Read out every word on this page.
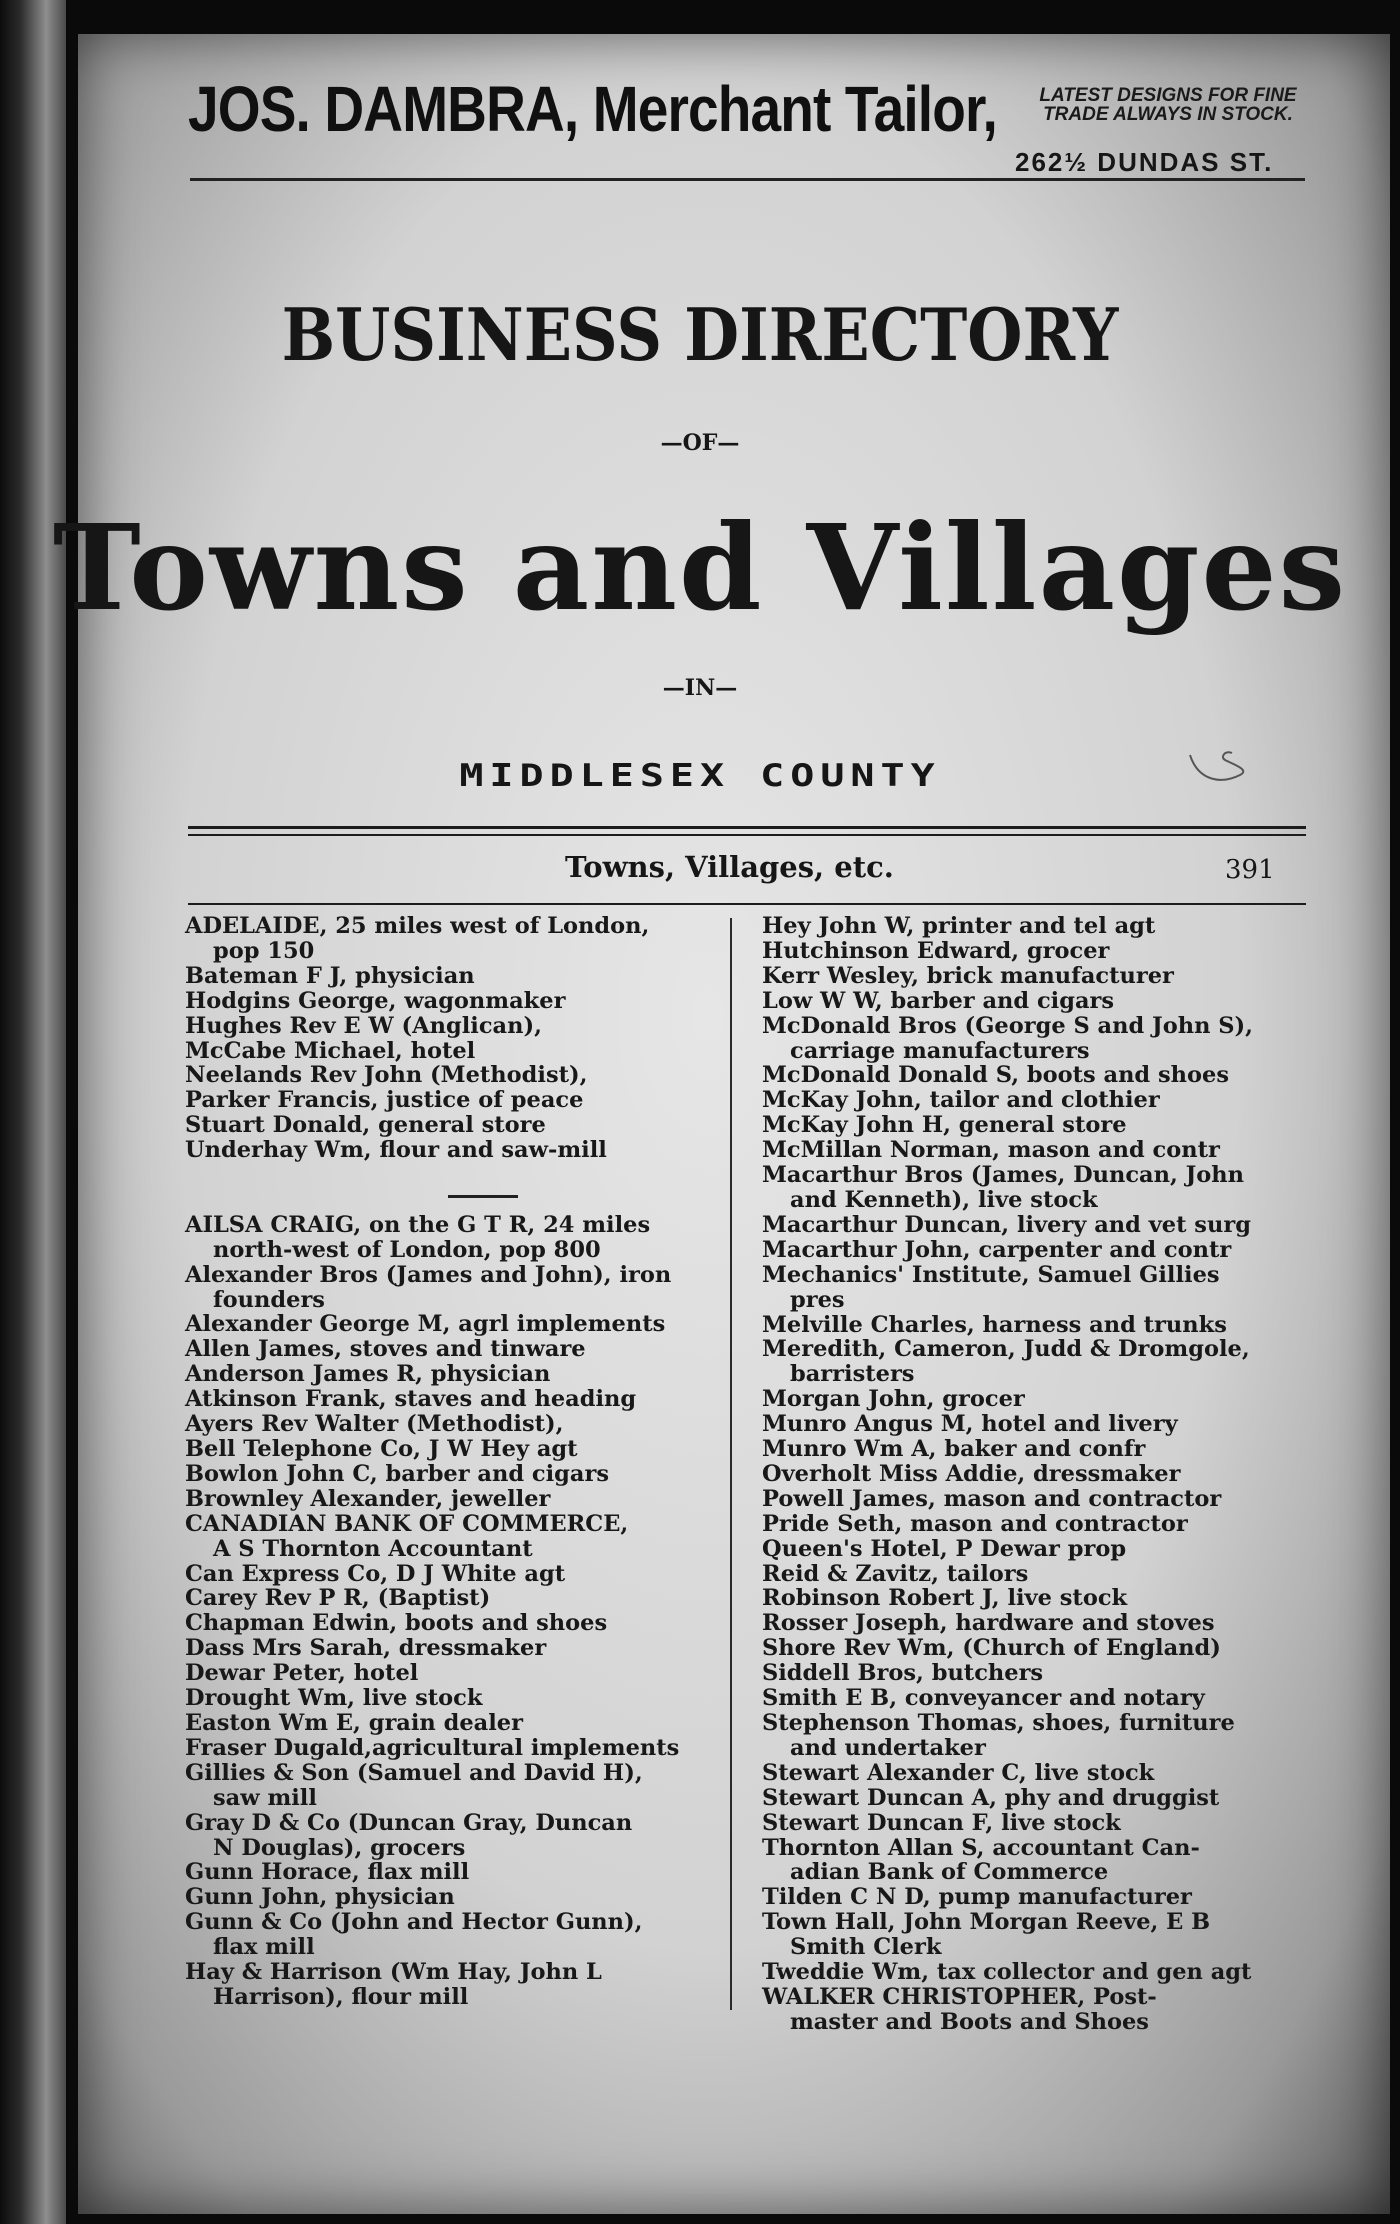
JOS. DAMBRA, Merchant Tailor,	LATEST DESIGNS FOR FINE
TRADE ALWAYS IN STOCK.
262½ DUNDAS ST.
BUSINESS DIRECTORY
—OF—
Towns and Villages
—IN—
MIDDLESEX COUNTY
Towns, Villages, etc.	391
ADELAIDE, 25 miles west of London,
pop 150
Bateman F J, physician
Hodgins George, wagonmaker
Hughes Rev E W (Anglican),
McCabe Michael, hotel
Neelands Rev John (Methodist),
Parker Francis, justice of peace
Stuart Donald, general store
Underhay Wm, flour and saw-mill
AILSA CRAIG, on the G T R, 24 miles
north-west of London, pop 800
Alexander Bros (James and John), iron
founders
Alexander George M, agrl implements
Allen James, stoves and tinware
Anderson James R, physician
Atkinson Frank, staves and heading
Ayers Rev Walter (Methodist),
Bell Telephone Co, J W Hey agt
Bowlon John C, barber and cigars
Brownley Alexander, jeweller
CANADIAN BANK OF COMMERCE,
A S Thornton Accountant
Can Express Co, D J White agt
Carey Rev P R, (Baptist)
Chapman Edwin, boots and shoes
Dass Mrs Sarah, dressmaker
Dewar Peter, hotel
Drought Wm, live stock
Easton Wm E, grain dealer
Fraser Dugald,agricultural implements
Gillies & Son (Samuel and David H),
saw mill
Gray D & Co (Duncan Gray, Duncan
N Douglas), grocers
Gunn Horace, flax mill
Gunn John, physician
Gunn & Co (John and Hector Gunn),
flax mill
Hay & Harrison (Wm Hay, John L
Harrison), flour mill
Hey John W, printer and tel agt
Hutchinson Edward, grocer
Kerr Wesley, brick manufacturer
Low W W, barber and cigars
McDonald Bros (George S and John S),
carriage manufacturers
McDonald Donald S, boots and shoes
McKay John, tailor and clothier
McKay John H, general store
McMillan Norman, mason and contr
Macarthur Bros (James, Duncan, John
and Kenneth), live stock
Macarthur Duncan, livery and vet surg
Macarthur John, carpenter and contr
Mechanics' Institute, Samuel Gillies
pres
Melville Charles, harness and trunks
Meredith, Cameron, Judd & Dromgole,
barristers
Morgan John, grocer
Munro Angus M, hotel and livery
Munro Wm A, baker and confr
Overholt Miss Addie, dressmaker
Powell James, mason and contractor
Pride Seth, mason and contractor
Queen's Hotel, P Dewar prop
Reid & Zavitz, tailors
Robinson Robert J, live stock
Rosser Joseph, hardware and stoves
Shore Rev Wm, (Church of England)
Siddell Bros, butchers
Smith E B, conveyancer and notary
Stephenson Thomas, shoes, furniture
and undertaker
Stewart Alexander C, live stock
Stewart Duncan A, phy and druggist
Stewart Duncan F, live stock
Thornton Allan S, accountant Can-
adian Bank of Commerce
Tilden C N D, pump manufacturer
Town Hall, John Morgan Reeve, E B
Smith Clerk
Tweddie Wm, tax collector and gen agt
WALKER CHRISTOPHER, Post-
master and Boots and Shoes
